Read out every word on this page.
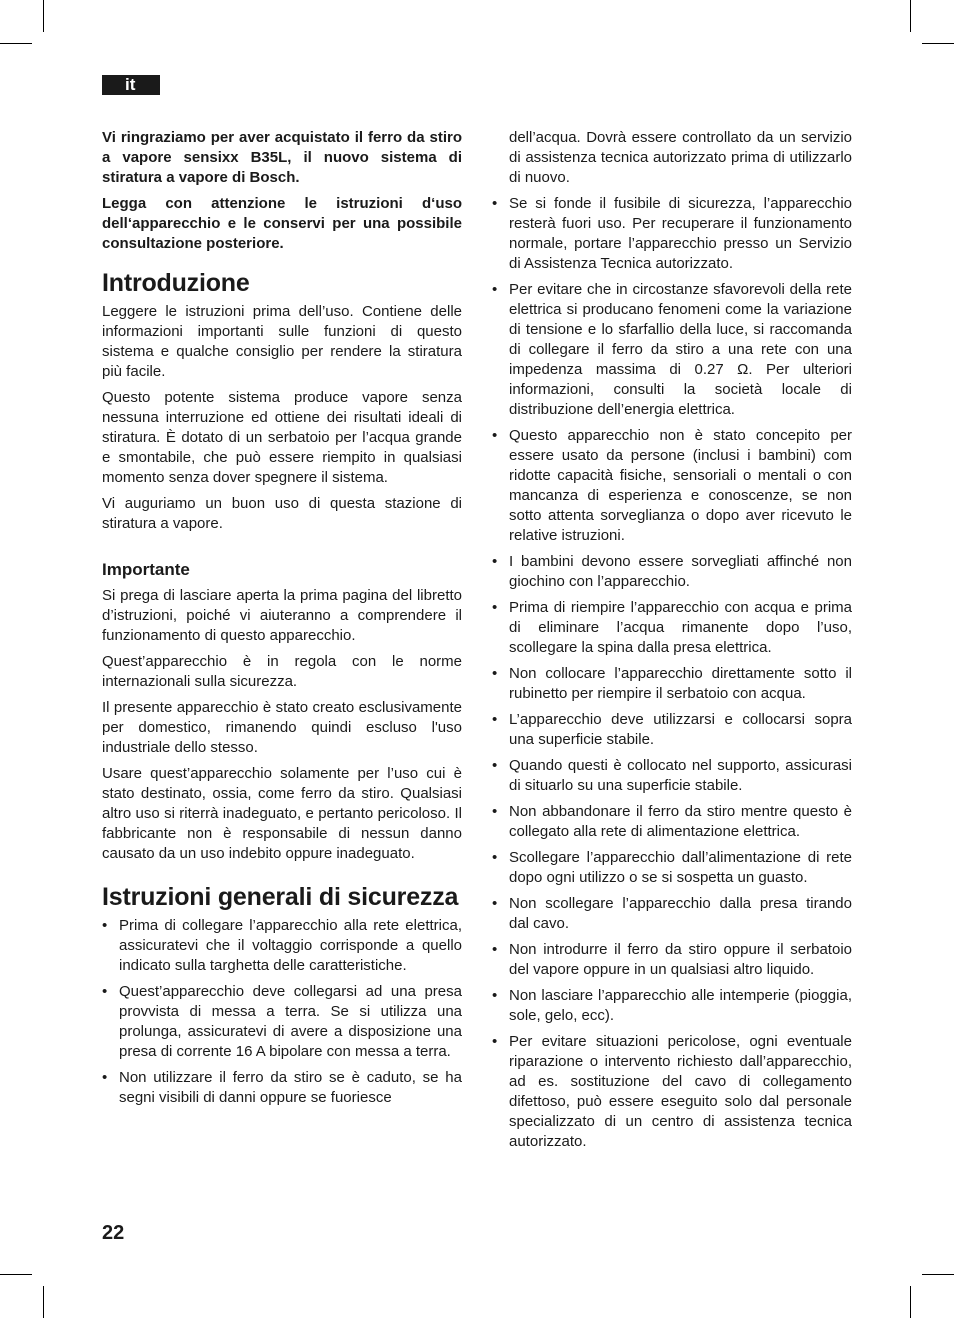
it

Vi ringraziamo per aver acquistato il ferro da stiro a vapore sensixx B35L, il nuovo sistema di stiratura a vapore di Bosch.

Legga con attenzione le istruzioni d‘uso dell‘apparecchio e le conservi per una possibile consultazione posteriore.

Introduzione

Leggere le istruzioni prima dell’uso. Contiene delle informazioni importanti sulle funzioni di questo sistema e qualche consiglio per rendere la stiratura più facile.

Questo potente sistema produce vapore senza nessuna interruzione ed ottiene dei risultati ideali di stiratura. È dotato di un serbatoio per l’acqua grande e smontabile, che può essere riempito in qualsiasi momento senza dover spegnere il sistema.

Vi auguriamo un buon uso di questa stazione di stiratura a vapore.

Importante

Si prega di lasciare aperta la prima pagina del libretto d’istruzioni, poiché vi aiuteranno a comprendere il funzionamento di questo apparecchio.

Quest’apparecchio è in regola con le norme internazionali sulla sicurezza.

Il presente apparecchio è stato creato esclusivamente per domestico, rimanendo quindi escluso l'uso industriale dello stesso.

Usare quest’apparecchio solamente per l’uso cui è stato destinato, ossia, come ferro da stiro. Qualsiasi altro uso si riterrà inadeguato, e pertanto pericoloso. Il fabbricante non è responsabile di nessun danno causato da un uso indebito oppure inadeguato.

Istruzioni generali di sicurezza
• Prima di collegare l’apparecchio alla rete elettrica, assicuratevi che il voltaggio corrisponde a quello indicato sulla targhetta delle caratteristiche.
• Quest’apparecchio deve collegarsi ad una presa provvista di messa a terra. Se si utilizza una prolunga, assicuratevi di avere a disposizione una presa di corrente 16 A bipolare con messa a terra.
• Non utilizzare il ferro da stiro se è caduto, se ha segni visibili di danni oppure se fuoriesce

dell’acqua. Dovrà essere controllato da un servizio di assistenza tecnica autorizzato prima di utilizzarlo di nuovo.

• Se si fonde il fusibile di sicurezza, l’apparecchio resterà fuori uso. Per recuperare il funzionamento normale, portare l’apparecchio presso un Servizio di Assistenza Tecnica autorizzato.
• Per evitare che in circostanze sfavorevoli della rete elettrica si producano fenomeni come la variazione di tensione e lo sfarfallio della luce, si raccomanda di collegare il ferro da stiro a una rete con una impedenza massima di 0.27 Ω. Per ulteriori informazioni, consulti la società locale di distribuzione dell’energia elettrica.
• Questo apparecchio non è stato concepito per essere usato da persone (inclusi i bambini) com ridotte capacità fisiche, sensoriali o mentali o con mancanza di esperienza e conoscenze, se non sotto attenta sorveglianza o dopo aver ricevuto le relative istruzioni.
• I bambini devono essere sorvegliati affinché non giochino con l’apparecchio.
• Prima di riempire l’apparecchio con acqua e prima di eliminare l’acqua rimanente dopo l’uso, scollegare la spina dalla presa elettrica.
• Non collocare l’apparecchio direttamente sotto il rubinetto per riempire il serbatoio con acqua.
• L’apparecchio deve utilizzarsi e collocarsi sopra una superficie stabile.
• Quando questi è collocato nel supporto, assicurasi di situarlo su una superficie stabile.
• Non abbandonare il ferro da stiro mentre questo è collegato alla rete di alimentazione elettrica.
• Scollegare l’apparecchio dall’alimentazione di rete dopo ogni utilizzo o se si sospetta un guasto.
• Non scollegare l’apparecchio dalla presa tirando dal cavo.
• Non introdurre il ferro da stiro oppure il serbatoio del vapore oppure in un qualsiasi altro liquido.
• Non lasciare l’apparecchio alle intemperie (pioggia, sole, gelo, ecc).
• Per evitare situazioni pericolose, ogni eventuale riparazione o intervento richiesto dall’apparecchio, ad es. sostituzione del cavo di collegamento difettoso, può essere eseguito solo dal personale specializzato di un centro di assistenza tecnica autorizzato.
22
